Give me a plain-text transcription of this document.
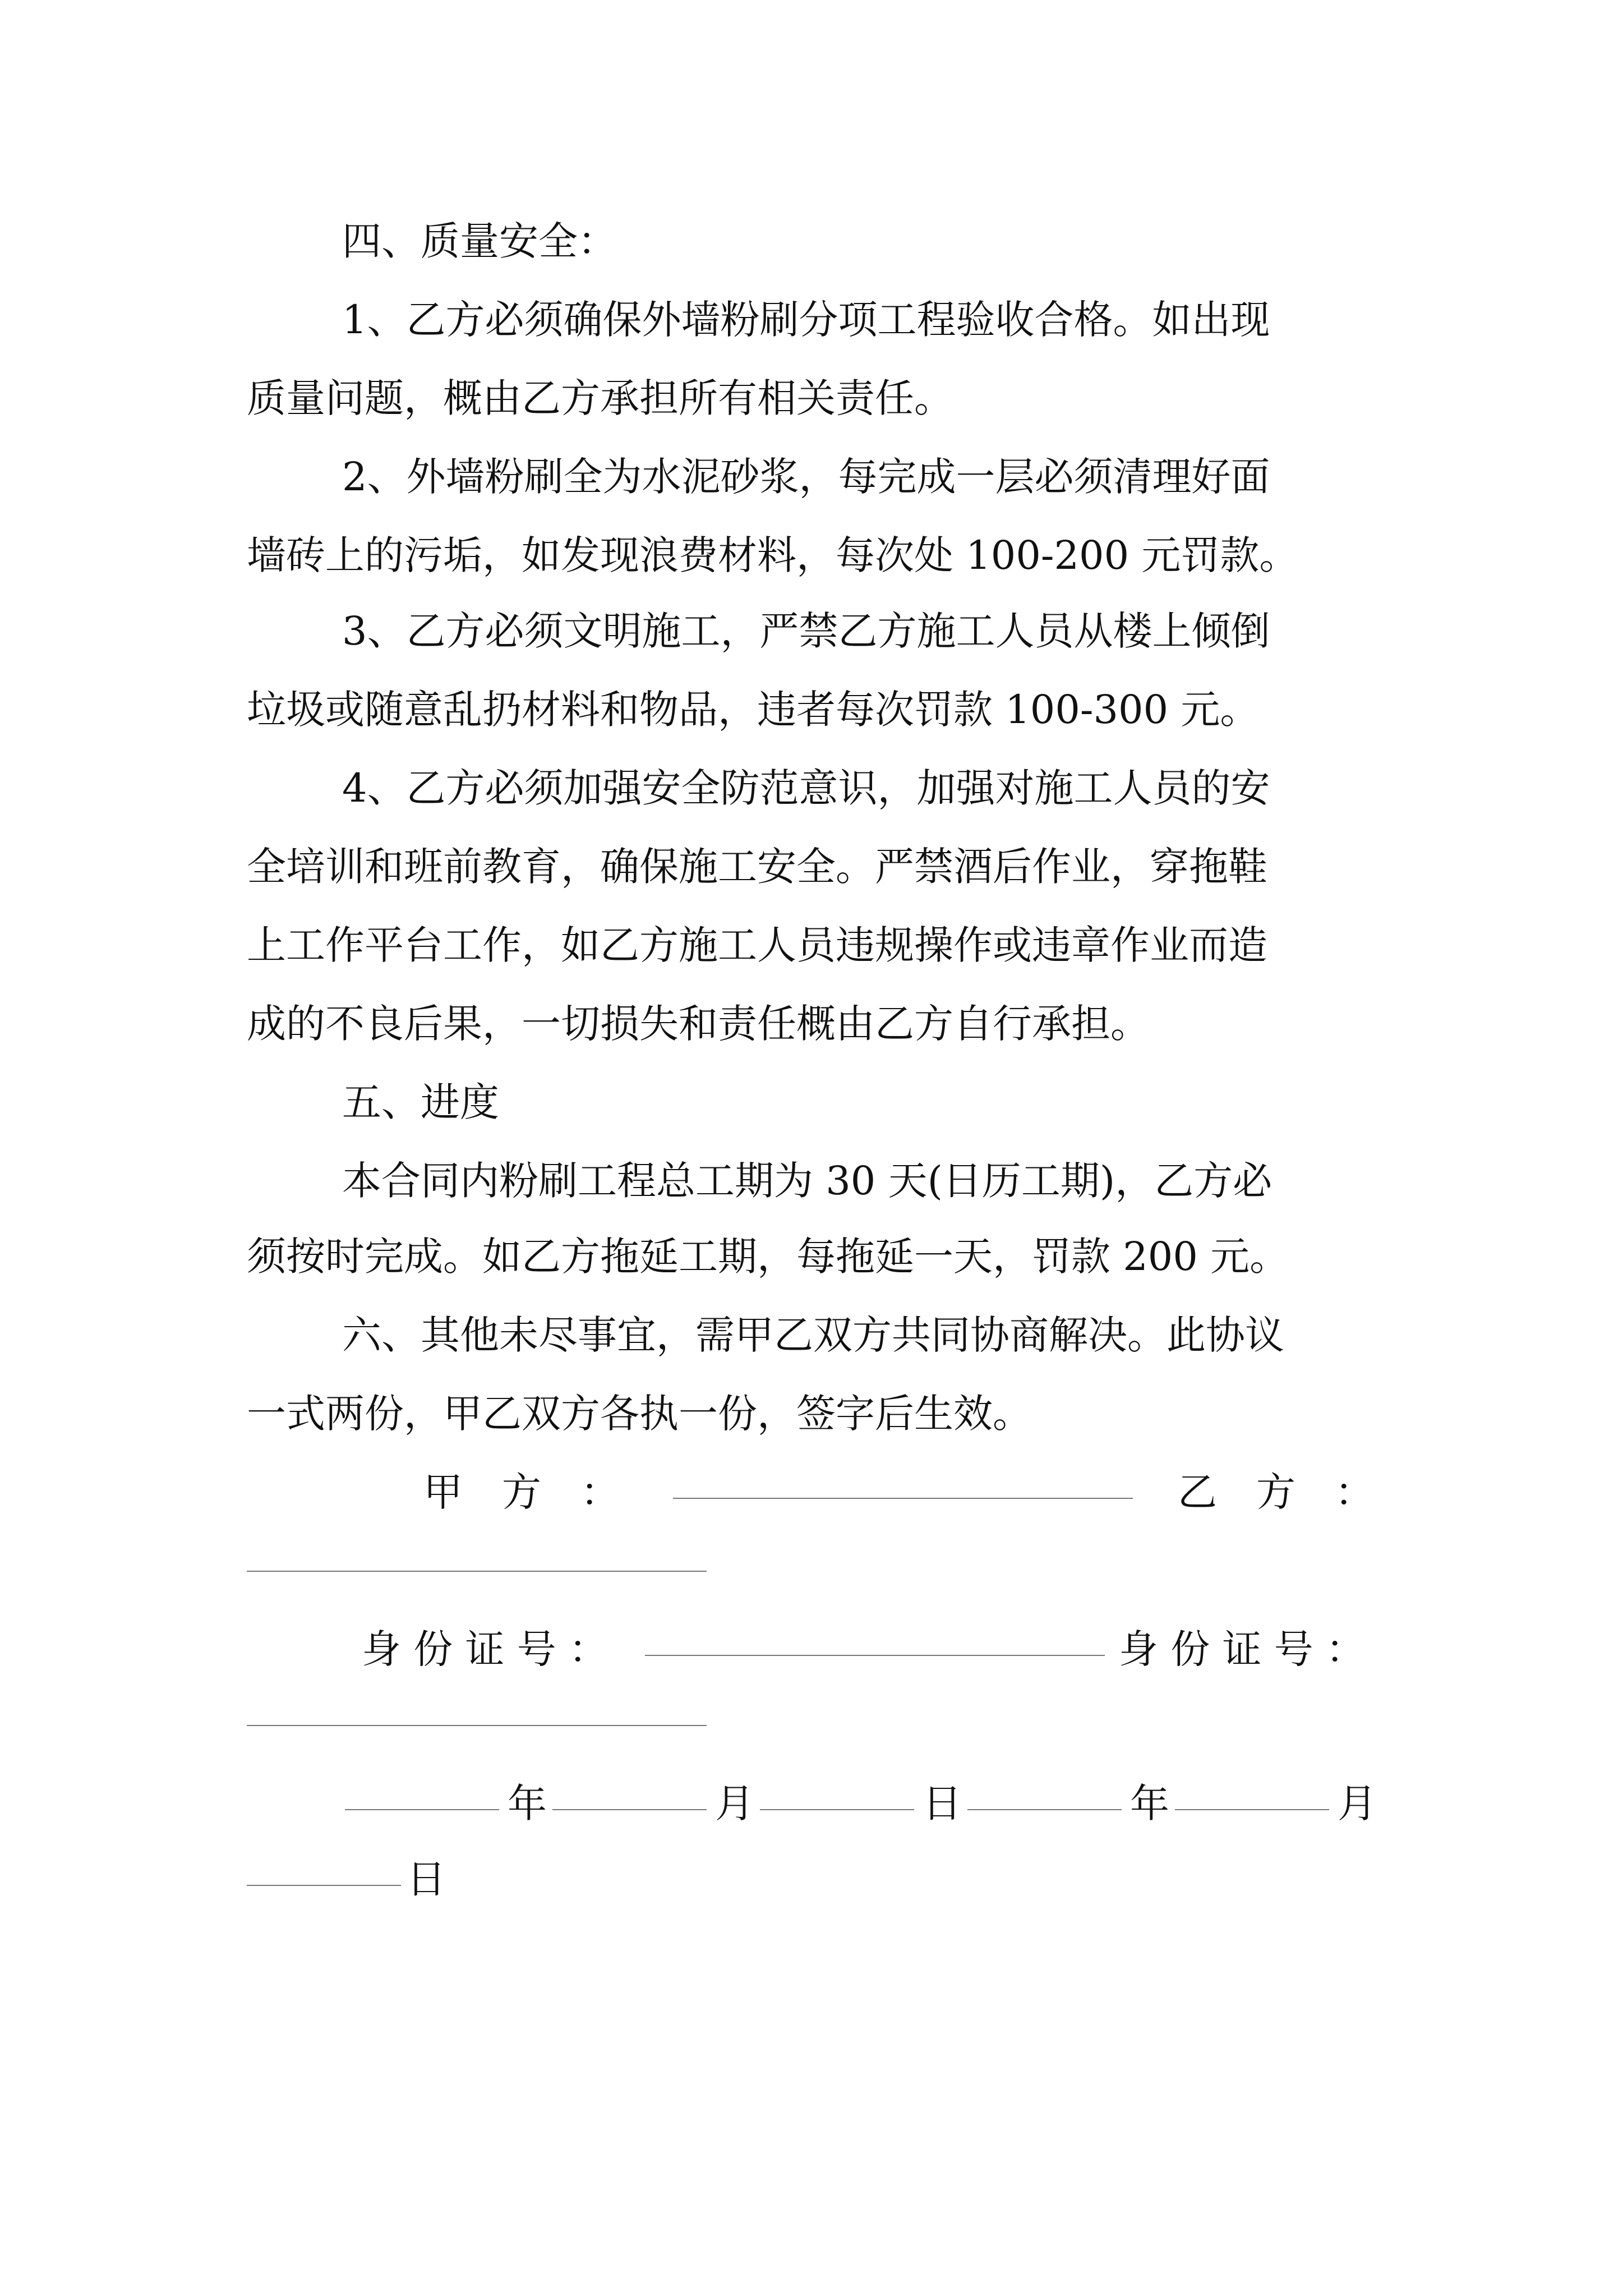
四、质量安全：

1、乙方必须确保外墙粉刷分项工程验收合格。如出现

质量问题，概由乙方承担所有相关责任。

2、外墙粉刷全为水泥砂浆，每完成一层必须清理好面

墙砖上的污垢，如发现浪费材料，每次处 100-200 元罚款。

3、乙方必须文明施工，严禁乙方施工人员从楼上倾倒

垃圾或随意乱扔材料和物品，违者每次罚款 100-300 元。

4、乙方必须加强安全防范意识，加强对施工人员的安

全培训和班前教育，确保施工安全。严禁酒后作业，穿拖鞋

上工作平台工作，如乙方施工人员违规操作或违章作业而造

成的不良后果，一切损失和责任概由乙方自行承担。

五、进度

本合同内粉刷工程总工期为 30 天(日历工期)，乙方必

须按时完成。如乙方拖延工期，每拖延一天，罚款 200 元。

六、其他未尽事宜，需甲乙双方共同协商解决。此协议

一式两份，甲乙双方各执一份，签字后生效。

甲　方　：	乙　方　：
身 份 证 号 ：	身 份 证 号 ：
年	月	日	年	月
日
